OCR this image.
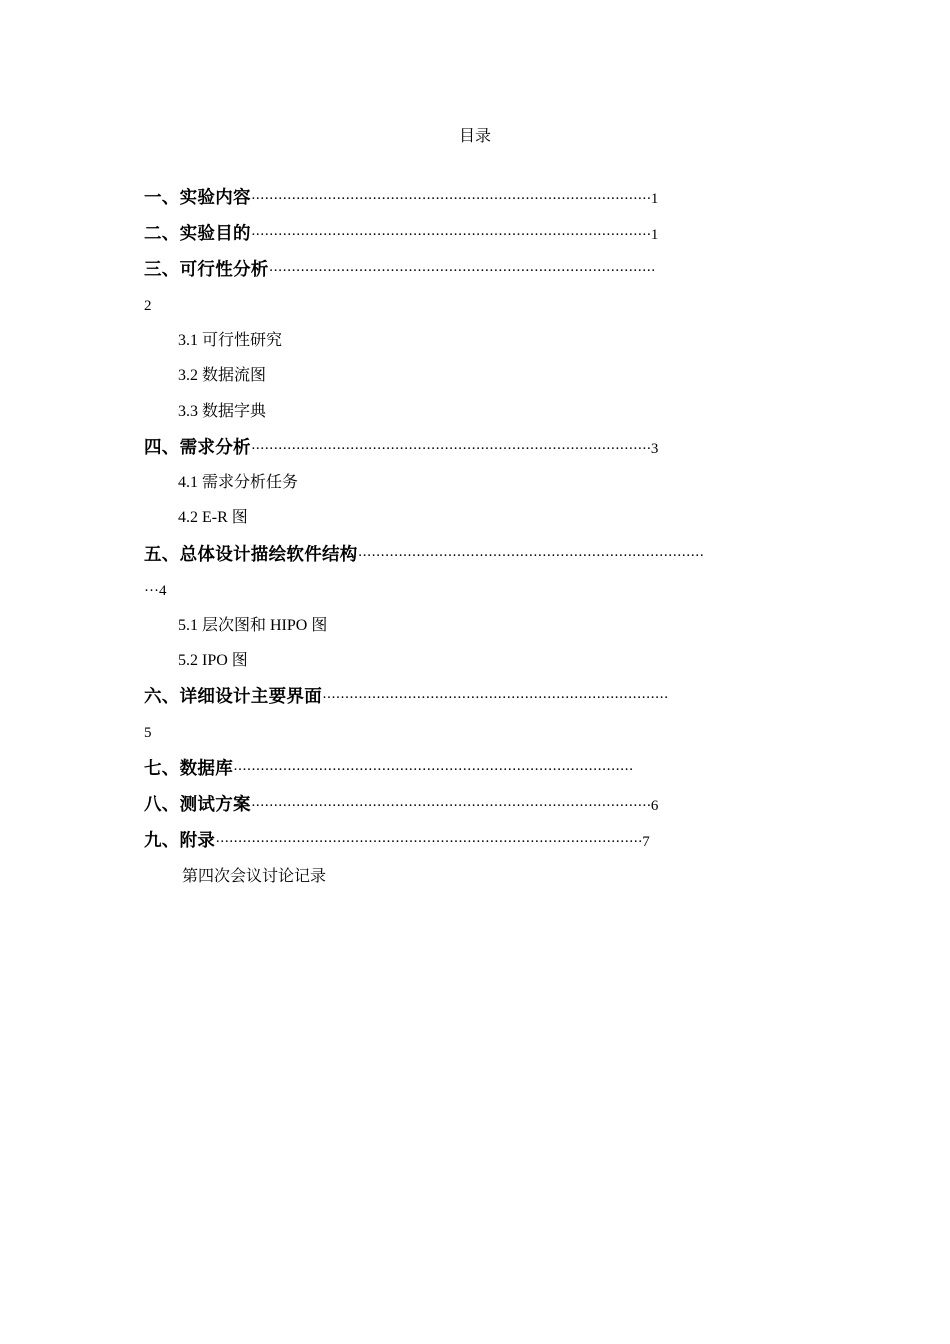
目录
一、实验内容·························································································1
二、实验目的·························································································1
三、可行性分析······················································································
2
3.1 可行性研究
3.2 数据流图
3.3 数据字典
四、需求分析·························································································3
4.1 需求分析任务
4.2 E-R 图
五、总体设计描绘软件结构·············································································
···4
5.1 层次图和 HIPO 图
5.2 IPO 图
六、详细设计主要界面·············································································
5
七、数据库·························································································
八、测试方案·························································································6
九、附录·······························································································7
第四次会议讨论记录
